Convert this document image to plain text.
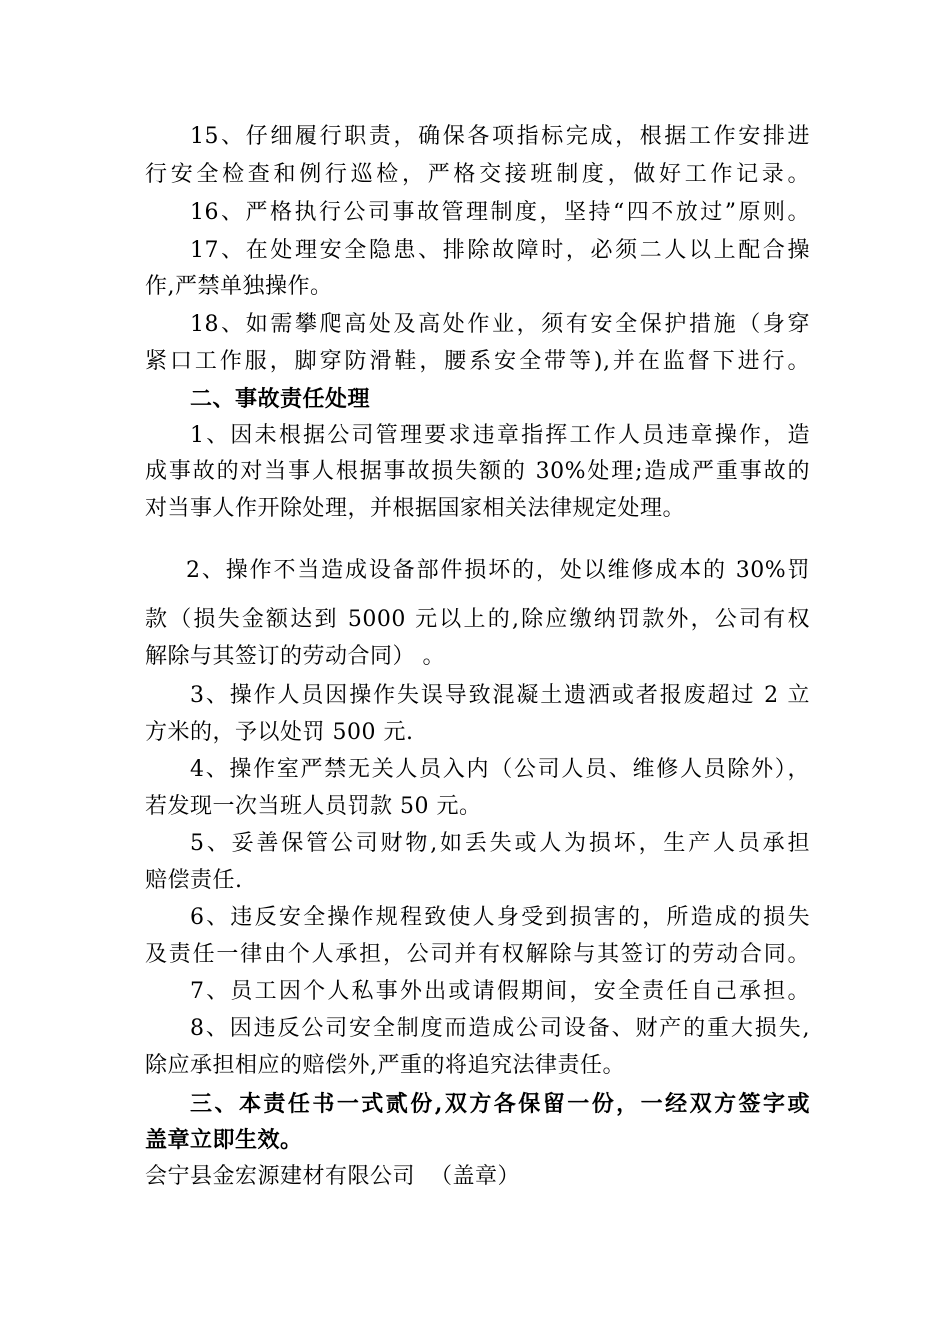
15、仔细履行职责，确保各项指标完成，根据工作安排进
行安全检查和例行巡检，严格交接班制度，做好工作记录。
16、严格执行公司事故管理制度，坚持“四不放过”原则。
17、在处理安全隐患、排除故障时，必须二人以上配合操
作,严禁单独操作。
18、如需攀爬高处及高处作业，须有安全保护措施（身穿
紧口工作服，脚穿防滑鞋，腰系安全带等),并在监督下进行。
二、事故责任处理
1、因未根据公司管理要求违章指挥工作人员违章操作，造
成事故的对当事人根据事故损失额的 30%处理;造成严重事故的
对当事人作开除处理，并根据国家相关法律规定处理。
2、操作不当造成设备部件损坏的，处以维修成本的 30%罚
款（损失金额达到 5000 元以上的,除应缴纳罚款外，公司有权
解除与其签订的劳动合同） 。
3、操作人员因操作失误导致混凝土遗洒或者报废超过 2 立
方米的，予以处罚 500 元.
4、操作室严禁无关人员入内（公司人员、维修人员除外），
若发现一次当班人员罚款 50 元。
5、妥善保管公司财物,如丢失或人为损坏，生产人员承担
赔偿责任.
6、违反安全操作规程致使人身受到损害的，所造成的损失
及责任一律由个人承担，公司并有权解除与其签订的劳动合同。
7、员工因个人私事外出或请假期间，安全责任自己承担。
8、因违反公司安全制度而造成公司设备、财产的重大损失,
除应承担相应的赔偿外,严重的将追究法律责任。
三、本责任书一式贰份,双方各保留一份，一经双方签字或
盖章立即生效。
会宁县金宏源建材有限公司  （盖章）
